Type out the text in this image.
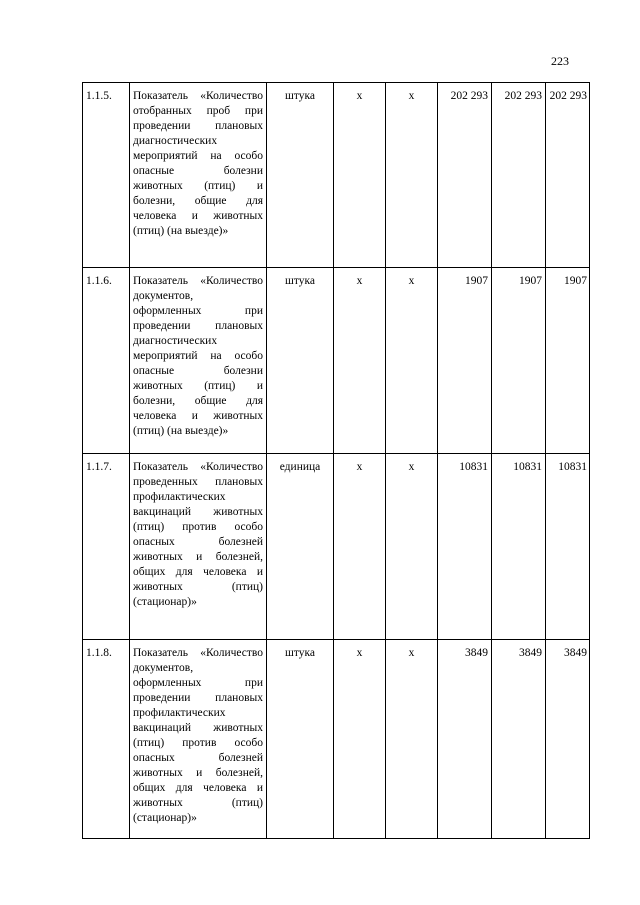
223
1.1.5.	Показатель «Количество отобранных проб при проведении плановых диагностических мероприятий на особо опасные болезни животных (птиц) и болезни, общие для человека и животных (птиц) (на выезде)»	штука	x	x	202 293	202 293	202 293
1.1.6.	Показатель «Количество документов, оформленных при проведении плановых диагностических мероприятий на особо опасные болезни животных (птиц) и болезни, общие для человека и животных (птиц) (на выезде)»	штука	x	x	1907	1907	1907
1.1.7.	Показатель «Количество проведенных плановых профилактических вакцинаций животных (птиц) против особо опасных болезней животных и болезней, общих для человека и животных (птиц) (стационар)»	единица	x	x	10831	10831	10831
1.1.8.	Показатель «Количество документов, оформленных при проведении плановых профилактических вакцинаций животных (птиц) против особо опасных болезней животных и болезней, общих для человека и животных (птиц) (стационар)»	штука	x	x	3849	3849	3849
